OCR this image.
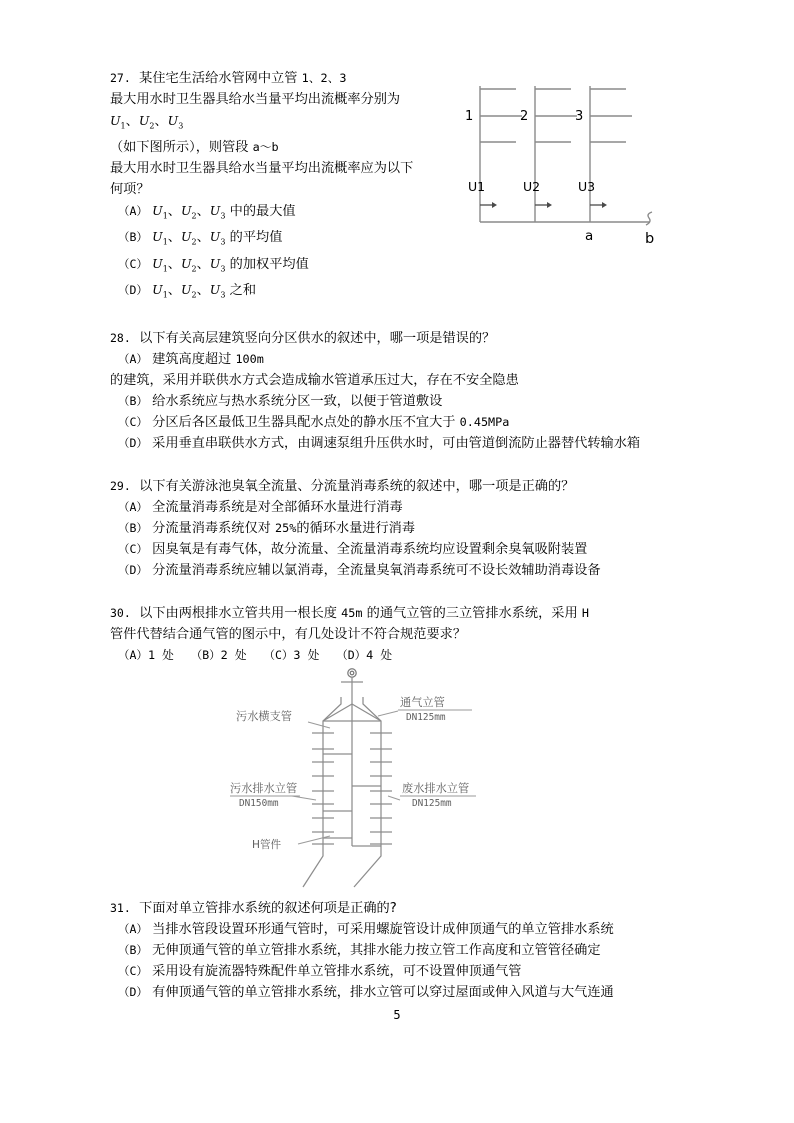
1	2	3
U1	U2	U3
a	b
27.  某住宅生活给水管网中立管 1、2、3
最大用水时卫生器具给水当量平均出流概率分别为
$U_1$、$U_2$、$U_3$
（如下图所示），则管段 a～b
最大用水时卫生器具给水当量平均出流概率应为以下
何项？
（A） $U_1$、$U_2$、$U_3$ 中的最大值
（B） $U_1$、$U_2$、$U_3$ 的平均值
（C） $U_1$、$U_2$、$U_3$ 的加权平均值
（D） $U_1$、$U_2$、$U_3$ 之和
28. 以下有关高层建筑竖向分区供水的叙述中，哪一项是错误的？
（A） 建筑高度超过 100m
的建筑，采用并联供水方式会造成输水管道承压过大，存在不安全隐患
（B） 给水系统应与热水系统分区一致，以便于管道敷设
（C） 分区后各区最低卫生器具配水点处的静水压不宜大于 0.45MPa
（D） 采用垂直串联供水方式，由调速泵组升压供水时，可由管道倒流防止器替代转输水箱
29. 以下有关游泳池臭氧全流量、分流量消毒系统的叙述中，哪一项是正确的？
（A） 全流量消毒系统是对全部循环水量进行消毒
（B） 分流量消毒系统仅对 25%的循环水量进行消毒
（C） 因臭氧是有毒气体，故分流量、全流量消毒系统均应设置剩余臭氧吸附装置
（D） 分流量消毒系统应辅以氯消毒，全流量臭氧消毒系统可不设长效辅助消毒设备
30.  以下由两根排水立管共用一根长度 45m 的通气立管的三立管排水系统，采用 H
管件代替结合通气管的图示中，有几处设计不符合规范要求？
（A）1 处 （B）2 处 （C）3 处 （D）4 处
通气立管
DN125mm
污水横支管
污水排水立管
DN150mm
废水排水立管
DN125mm
H管件
31. 下面对单立管排水系统的叙述何项是正确的?
（A） 当排水管段设置环形通气管时，可采用螺旋管设计成伸顶通气的单立管排水系统
（B） 无伸顶通气管的单立管排水系统，其排水能力按立管工作高度和立管管径确定
（C） 采用设有旋流器特殊配件单立管排水系统，可不设置伸顶通气管
（D） 有伸顶通气管的单立管排水系统，排水立管可以穿过屋面或伸入风道与大气连通
5
